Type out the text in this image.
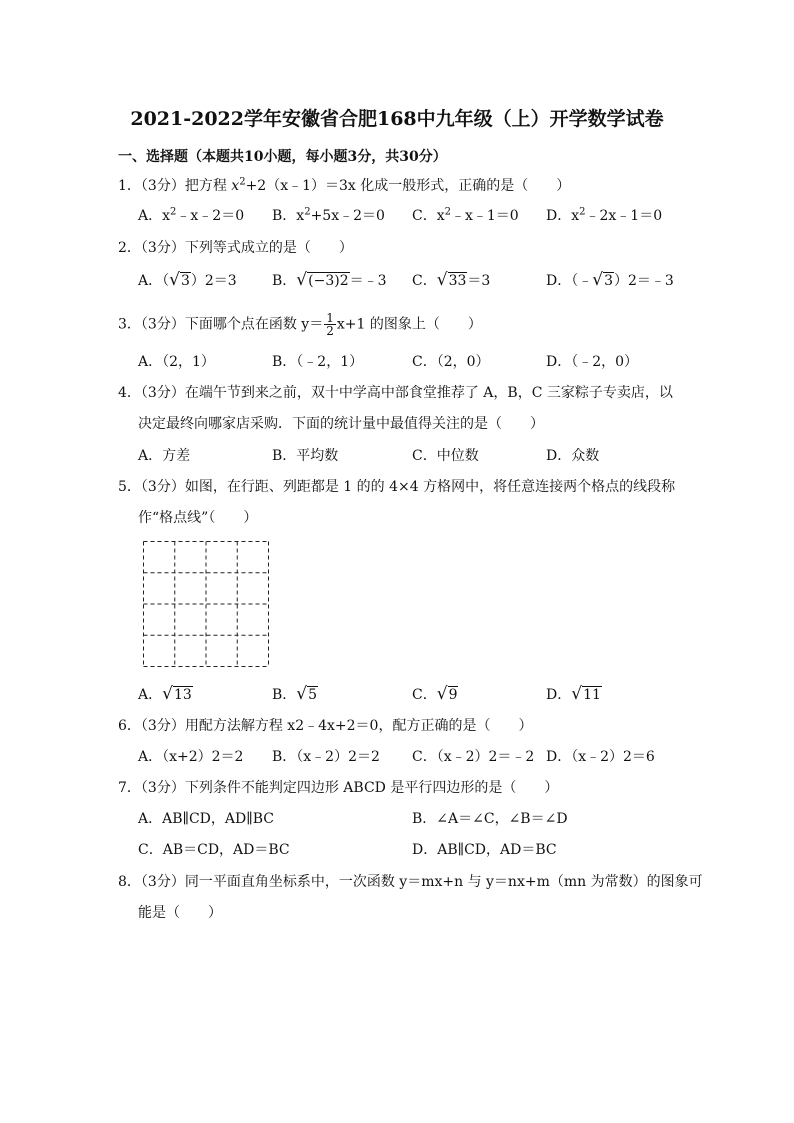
2021-2022学年安徽省合肥168中九年级（上）开学数学试卷
一、选择题（本题共10小题，每小题3分，共30分）
1．（3分）把方程 $x^2+2(x﹣1)=3x$ 化成一般形式，正确的是（　　）
A．$x^2﹣x﹣2=0$ B．$x^2+5x﹣2=0$ C．$x^2﹣x﹣1=0$ D．$x^2﹣2x﹣1=0$
2．（3分）下列等式成立的是（　　）
A．（√3）2＝3	B．√(−3)2＝﹣3 C．√33＝3	D．（﹣√3）2＝﹣3
3．（3分）下面哪个点在函数 $y= \frac{1}{2} x+1$ 的图象上（　　）
A．（2，1）	B．（﹣2，1）	C．（2，0）	D．（﹣2，0）
4．（3分）在端午节到来之前，双十中学高中部食堂推荐了 A，B，C 三家粽子专卖店，以
决定最终向哪家店采购．下面的统计量中最值得关注的是（　　）
A．方差	B．平均数	C．中位数	D．众数
5．（3分）如图，在行距、列距都是 1 的的 4×4 方格网中，将任意连接两个格点的线段称
作“格点线”（　　）
A．√13	B．√5	C．√9	D．√11
6．（3分）用配方法解方程 x2﹣4x+2＝0，配方正确的是（　　）
A．（x+2）2＝2 B．（x﹣2）2＝2 C．（x﹣2）2＝﹣2 D．（x﹣2）2＝6
7．（3分）下列条件不能判定四边形 ABCD 是平行四边形的是（　　）
A．AB∥CD，AD∥BC	B．∠A＝∠C，∠B＝∠D
C．AB＝CD，AD＝BC	D．AB∥CD，AD＝BC
8．（3分）同一平面直角坐标系中，一次函数 y＝mx+n 与 y＝nx+m（mn 为常数）的图象可
能是（　　）
